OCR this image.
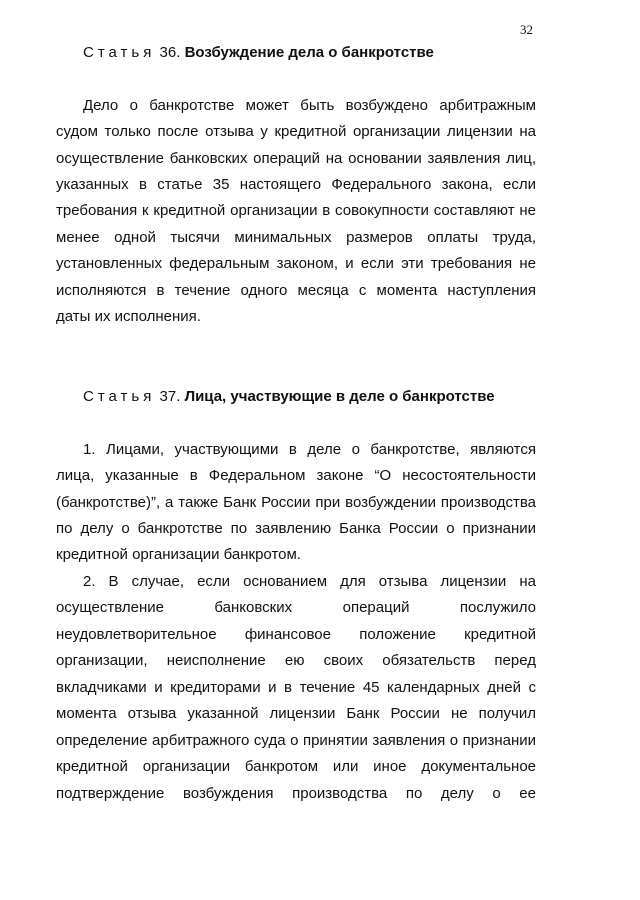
32
Статья 36. Возбуждение дела о банкротстве
Дело о банкротстве может быть возбуждено арбитражным
судом только после отзыва у кредитной организации лицензии на
осуществление банковских операций на основании заявления лиц,
указанных в статье 35 настоящего Федерального закона, если
требования к кредитной организации в совокупности составляют не
менее одной тысячи минимальных размеров оплаты труда,
установленных федеральным законом, и если эти требования не
исполняются в течение одного месяца с момента наступления
даты их исполнения.
Статья 37. Лица, участвующие в деле о банкротстве
1. Лицами, участвующими в деле о банкротстве, являются
лица, указанные в Федеральном законе “О несостоятельности
(банкротстве)”, а также Банк России при возбуждении производства
по делу о банкротстве по заявлению Банка России о признании
кредитной организации банкротом.
2. В случае, если основанием для отзыва лицензии на
осуществление банковских операций послужило
неудовлетворительное финансовое положение кредитной
организации, неисполнение ею своих обязательств перед
вкладчиками и кредиторами и в течение 45 календарных дней с
момента отзыва указанной лицензии Банк России не получил
определение арбитражного суда о принятии заявления о признании
кредитной организации банкротом или иное документальное
подтверждение возбуждения производства по делу о ее
